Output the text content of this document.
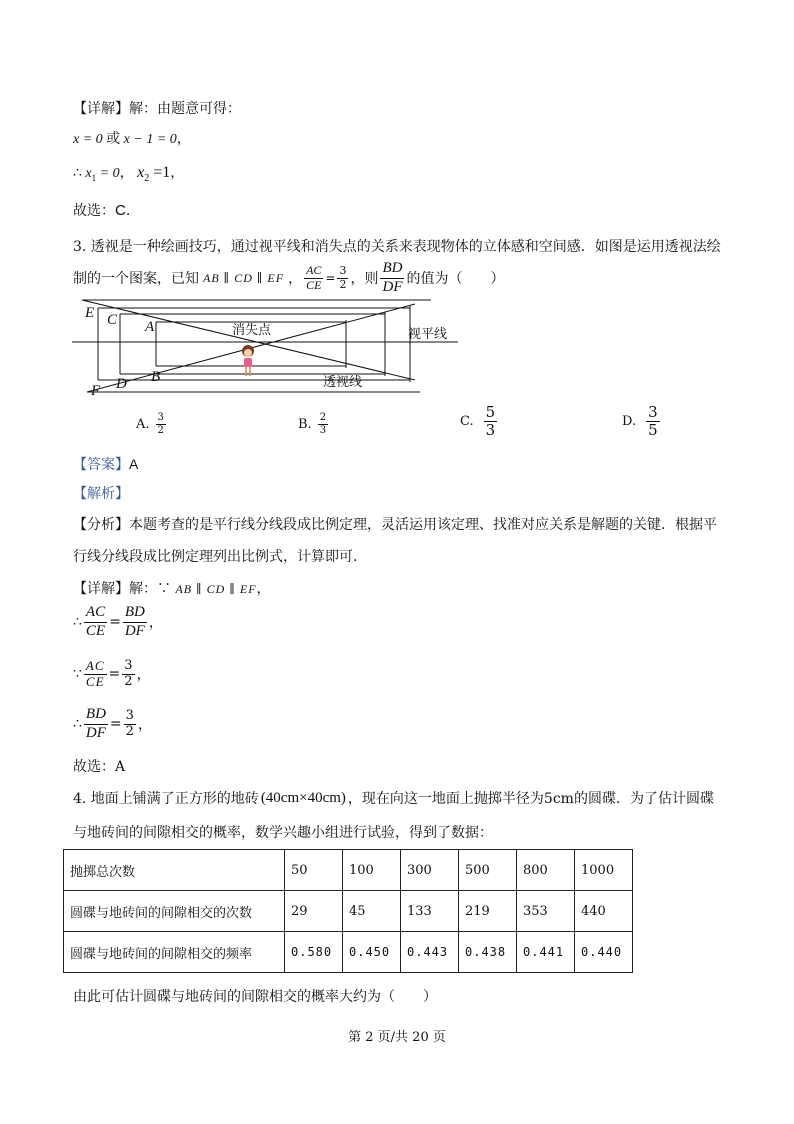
【详解】解：由题意可得：
x = 0 或 x − 1 = 0，
∴ $x_1 = 0$， $x_2 =1$，
故选：C.
3. 透视是一种绘画技巧，通过视平线和消失点的关系来表现物体的立体感和空间感．如图是运用透视法绘
制的一个图案，已知 AB ∥ CD ∥ EF ， $\frac{AC}{CE} = \frac{3}{2}$ ，则 $\frac{BD}{DF}$ 的值为（　　）
E C A
B
D
F
消失点	视平线
透视线
A. $\frac{3}{2}$	B. $\frac{2}{3}$	C. $\frac{5}{3}$	D. $\frac{3}{5}$
【答案】A
【解析】
【分析】本题考查的是平行线分线段成比例定理，灵活运用该定理、找准对应关系是解题的关键．根据平
行线分线段成比例定理列出比例式，计算即可.
【详解】解：∵ AB ∥ CD ∥ EF，
∴ $\frac{AC}{CE} = \frac{BD}{DF}$ ，
∵ $\frac{AC}{CE} = \frac{3}{2}$ ，
∴ $\frac{BD}{DF} = \frac{3}{2}$ ，
故选：A
4. 地面上铺满了正方形的地砖 (40cm×40cm) ，现在向这一地面上抛掷半径为5cm的圆碟．为了估计圆碟
与地砖间的间隙相交的概率，数学兴趣小组进行试验，得到了数据：
抛掷总次数	50	100	300	500	800	1000
圆碟与地砖间的间隙相交的次数	29	45	133	219	353	440
圆碟与地砖间的间隙相交的频率	0.580	0.450	0.443	0.438	0.441	0.440
由此可估计圆碟与地砖间的间隙相交的概率大约为（　　）
第 2 页/共 20 页
